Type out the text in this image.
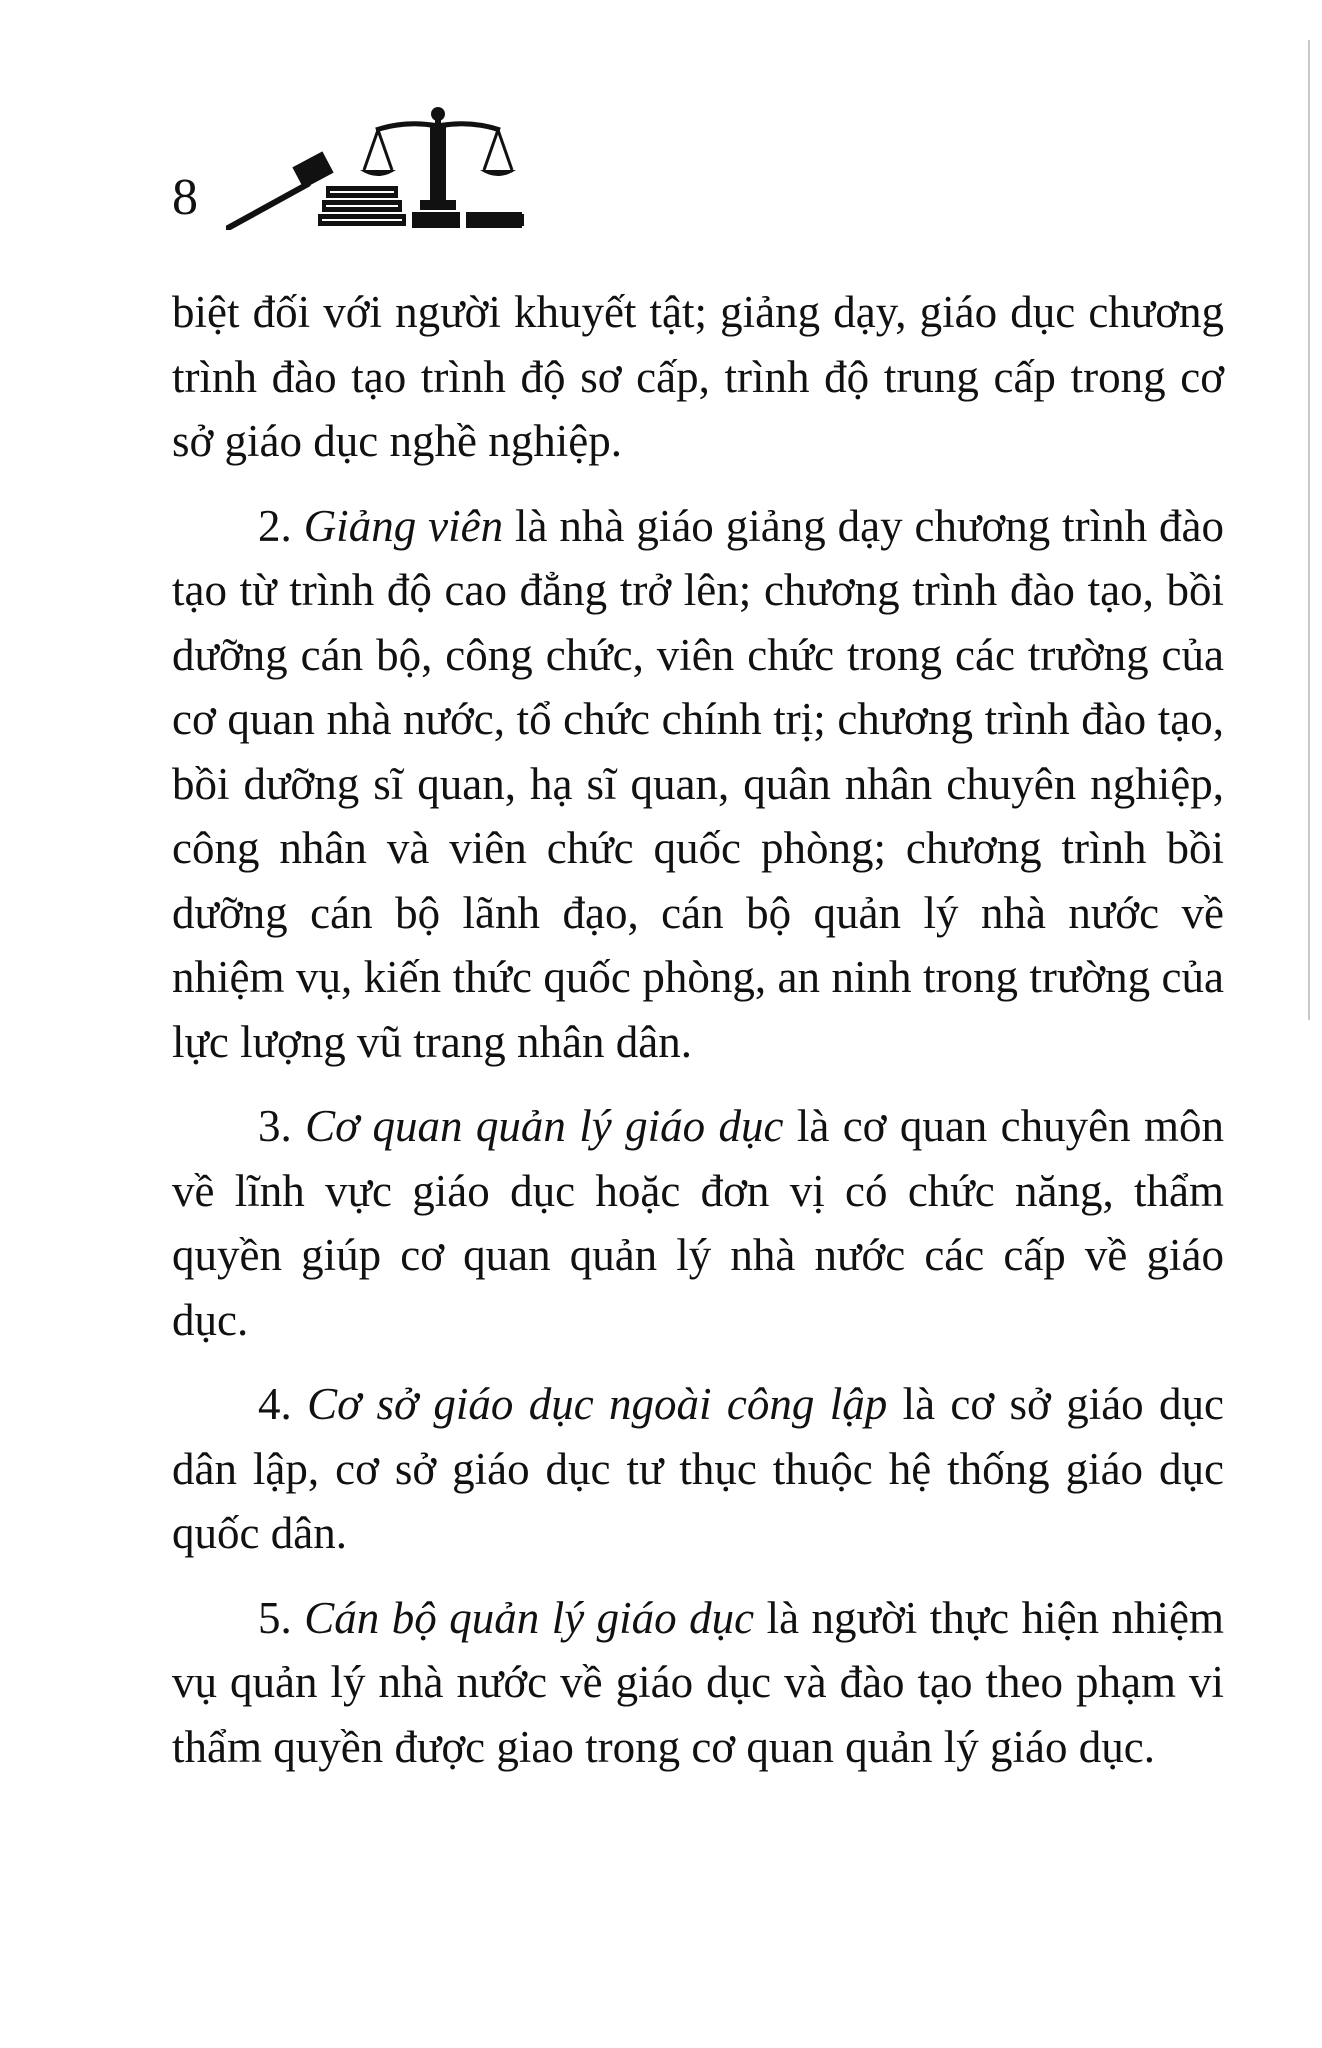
8

biệt đối với người khuyết tật; giảng dạy, giáo dục chương trình đào tạo trình độ sơ cấp, trình độ trung cấp trong cơ sở giáo dục nghề nghiệp.

2. Giảng viên là nhà giáo giảng dạy chương trình đào tạo từ trình độ cao đẳng trở lên; chương trình đào tạo, bồi dưỡng cán bộ, công chức, viên chức trong các trường của cơ quan nhà nước, tổ chức chính trị; chương trình đào tạo, bồi dưỡng sĩ quan, hạ sĩ quan, quân nhân chuyên nghiệp, công nhân và viên chức quốc phòng; chương trình bồi dưỡng cán bộ lãnh đạo, cán bộ quản lý nhà nước về nhiệm vụ, kiến thức quốc phòng, an ninh trong trường của lực lượng vũ trang nhân dân.

3. Cơ quan quản lý giáo dục là cơ quan chuyên môn về lĩnh vực giáo dục hoặc đơn vị có chức năng, thẩm quyền giúp cơ quan quản lý nhà nước các cấp về giáo dục.

4. Cơ sở giáo dục ngoài công lập là cơ sở giáo dục dân lập, cơ sở giáo dục tư thục thuộc hệ thống giáo dục quốc dân.

5. Cán bộ quản lý giáo dục là người thực hiện nhiệm vụ quản lý nhà nước về giáo dục và đào tạo theo phạm vi thẩm quyền được giao trong cơ quan quản lý giáo dục.
